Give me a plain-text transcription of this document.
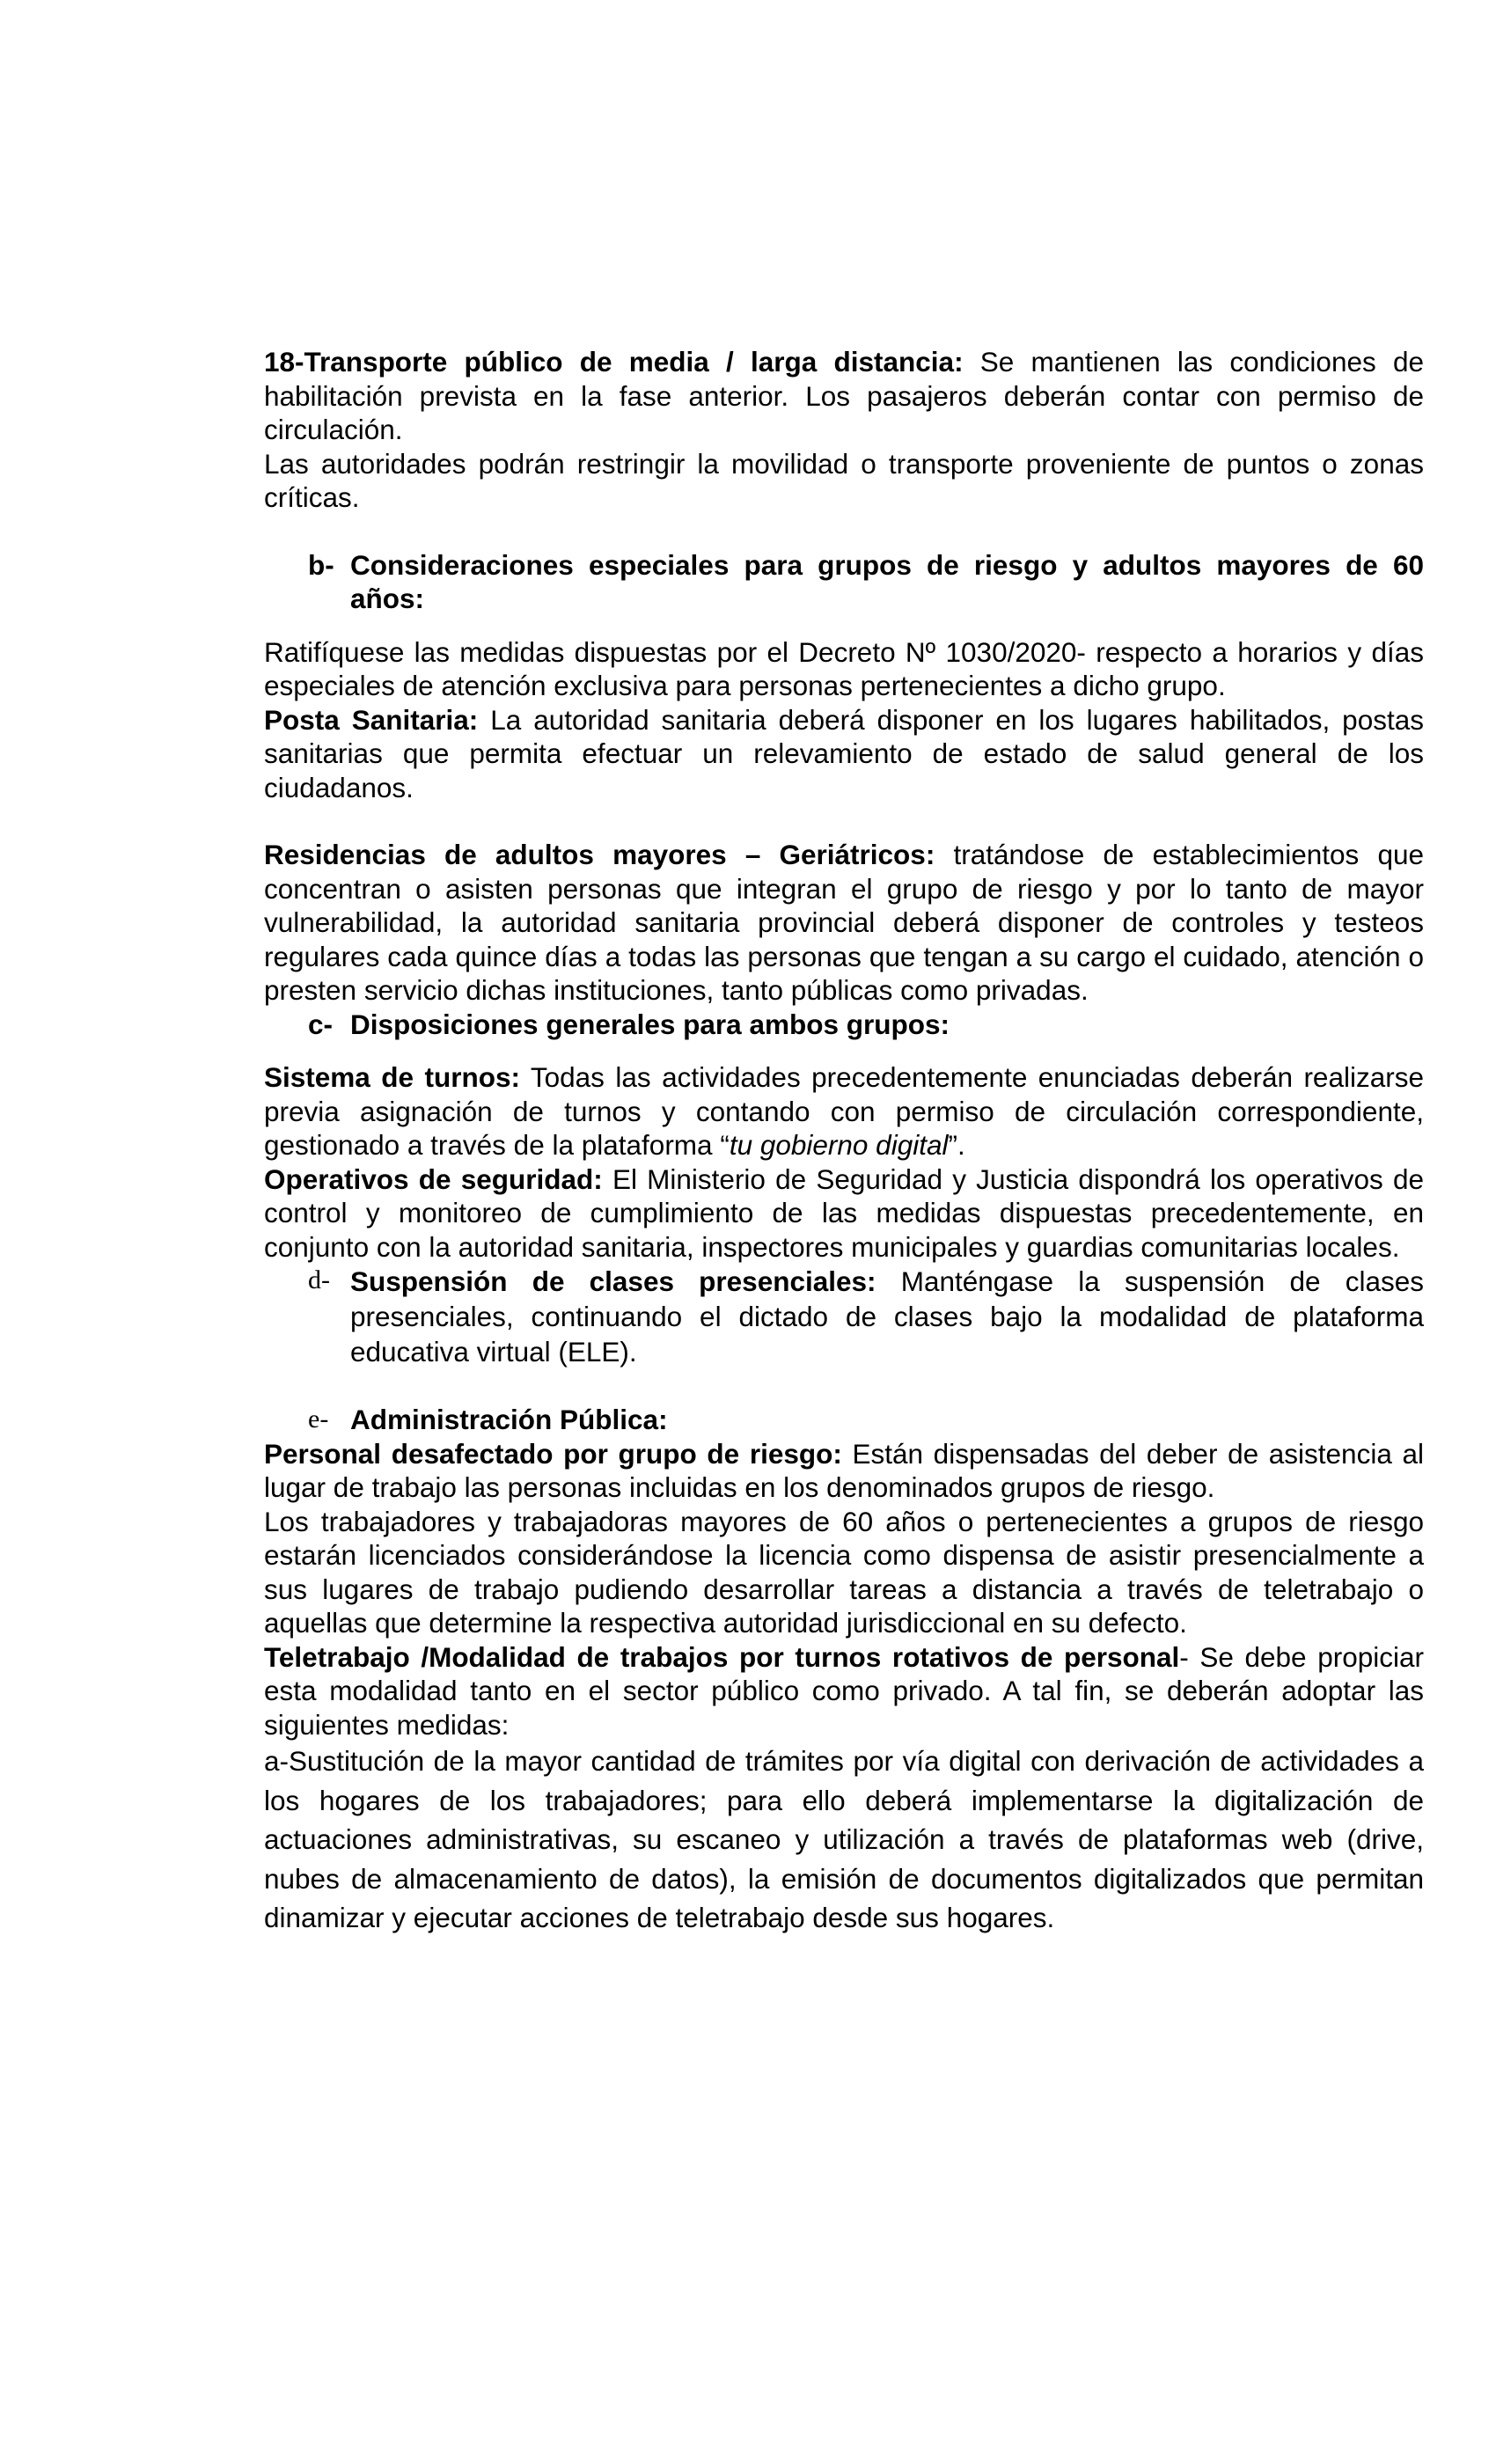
18-Transporte público de media / larga distancia: Se mantienen las condiciones de habilitación prevista en la fase anterior. Los pasajeros deberán contar con permiso de circulación.

Las autoridades podrán restringir la movilidad o transporte proveniente de puntos o zonas críticas.

b- Consideraciones especiales para grupos de riesgo y adultos mayores de 60 años:

Ratifíquese las medidas dispuestas por el Decreto Nº 1030/2020- respecto a horarios y días especiales de atención exclusiva para personas pertenecientes a dicho grupo.

Posta Sanitaria: La autoridad sanitaria deberá disponer en los lugares habilitados, postas sanitarias que permita efectuar un relevamiento de estado de salud general de los ciudadanos.

Residencias de adultos mayores – Geriátricos: tratándose de establecimientos que concentran o asisten personas que integran el grupo de riesgo y por lo tanto de mayor vulnerabilidad, la autoridad sanitaria provincial deberá disponer de controles y testeos regulares cada quince días a todas las personas que tengan a su cargo el cuidado, atención o presten servicio dichas instituciones, tanto públicas como privadas.

c- Disposiciones generales para ambos grupos:

Sistema de turnos: Todas las actividades precedentemente enunciadas deberán realizarse previa asignación de turnos y contando con permiso de circulación correspondiente, gestionado a través de la plataforma “tu gobierno digital”.

Operativos de seguridad: El Ministerio de Seguridad y Justicia dispondrá los operativos de control y monitoreo de cumplimiento de las medidas dispuestas precedentemente, en conjunto con la autoridad sanitaria, inspectores municipales y guardias comunitarias locales.

d- Suspensión de clases presenciales: Manténgase la suspensión de clases presenciales, continuando el dictado de clases bajo la modalidad de plataforma educativa virtual (ELE).

e- Administración Pública:

Personal desafectado por grupo de riesgo: Están dispensadas del deber de asistencia al lugar de trabajo las personas incluidas en los denominados grupos de riesgo.

Los trabajadores y trabajadoras mayores de 60 años o pertenecientes a grupos de riesgo estarán licenciados considerándose la licencia como dispensa de asistir presencialmente a sus lugares de trabajo pudiendo desarrollar tareas a distancia a través de teletrabajo o aquellas que determine la respectiva autoridad jurisdiccional en su defecto.

Teletrabajo /Modalidad de trabajos por turnos rotativos de personal- Se debe propiciar esta modalidad tanto en el sector público como privado. A tal fin, se deberán adoptar las siguientes medidas:

a-Sustitución de la mayor cantidad de trámites por vía digital con derivación de actividades a los hogares de los trabajadores; para ello deberá implementarse la digitalización de actuaciones administrativas, su escaneo y utilización a través de plataformas web (drive, nubes de almacenamiento de datos), la emisión de documentos digitalizados que permitan dinamizar y ejecutar acciones de teletrabajo desde sus hogares.
